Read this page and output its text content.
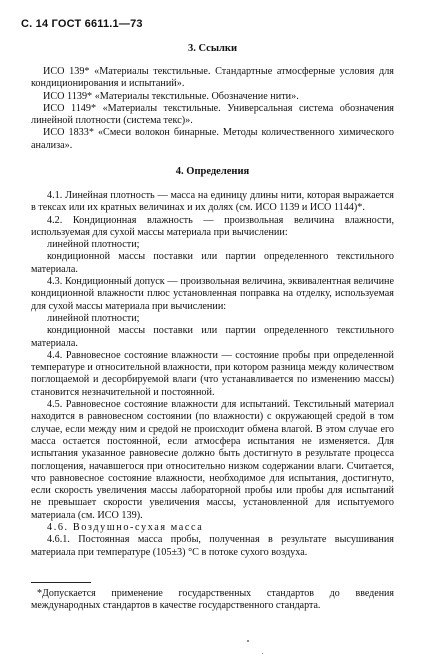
С. 14 ГОСТ 6611.1—73
3. Ссылки

ИСО 139* «Материалы текстильные. Стандартные атмосферные условия для кондиционирования и испытаний».

ИСО 1139* «Материалы текстильные. Обозначение нити».

ИСО 1149* «Материалы текстильные. Универсальная система обозначения линейной плотности (система текс)».

ИСО 1833* «Смеси волокон бинарные. Методы количественного химического анализа».

4. Определения

4.1. Линейная плотность — масса на единицу длины нити, которая выражается в тексах или их кратных величинах и их долях (см. ИСО 1139 и ИСО 1144)*.

4.2. Кондиционная влажность — произвольная величина влажности, используемая для сухой массы материала при вычислении:

линейной плотности;

кондиционной массы поставки или партии определенного текстильного материала.

4.3. Кондиционный допуск — произвольная величина, эквивалентная величине кондиционной влажности плюс установленная поправка на отделку, используемая для сухой массы материала при вычислении:

линейной плотности;

кондиционной массы поставки или партии определенного текстильного материала.

4.4. Равновесное состояние влажности — состояние пробы при определенной температуре и относительной влажности, при котором разница между количеством поглощаемой и десорбируемой влаги (что устанавливается по изменению массы) становится незначительной и постоянной.

4.5. Равновесное состояние влажности для испытаний. Текстильный материал находится в равновесном состоянии (по влажности) с окружающей средой в том случае, если между ним и средой не происходит обмена влагой. В этом случае его масса остается постоянной, если атмосфера испытания не изменяется. Для испытания указанное равновесие должно быть достигнуто в результате процесса поглощения, начавшегося при относительно низком содержании влаги. Считается, что равновесное состояние влажности, необходимое для испытания, достигнуто, если скорость увеличения массы лабораторной пробы или пробы для испытаний не превышает скорости увеличения массы, установленной для испытуемого материала (см. ИСО 139).

4.6. Воздушно-сухая масса

4.6.1. Постоянная масса пробы, полученная в результате высушивания материала при температуре (105±3) °С в потоке сухого воздуха.

*Допускается применение государственных стандартов до введения международных стандартов в качестве государственного стандарта.
